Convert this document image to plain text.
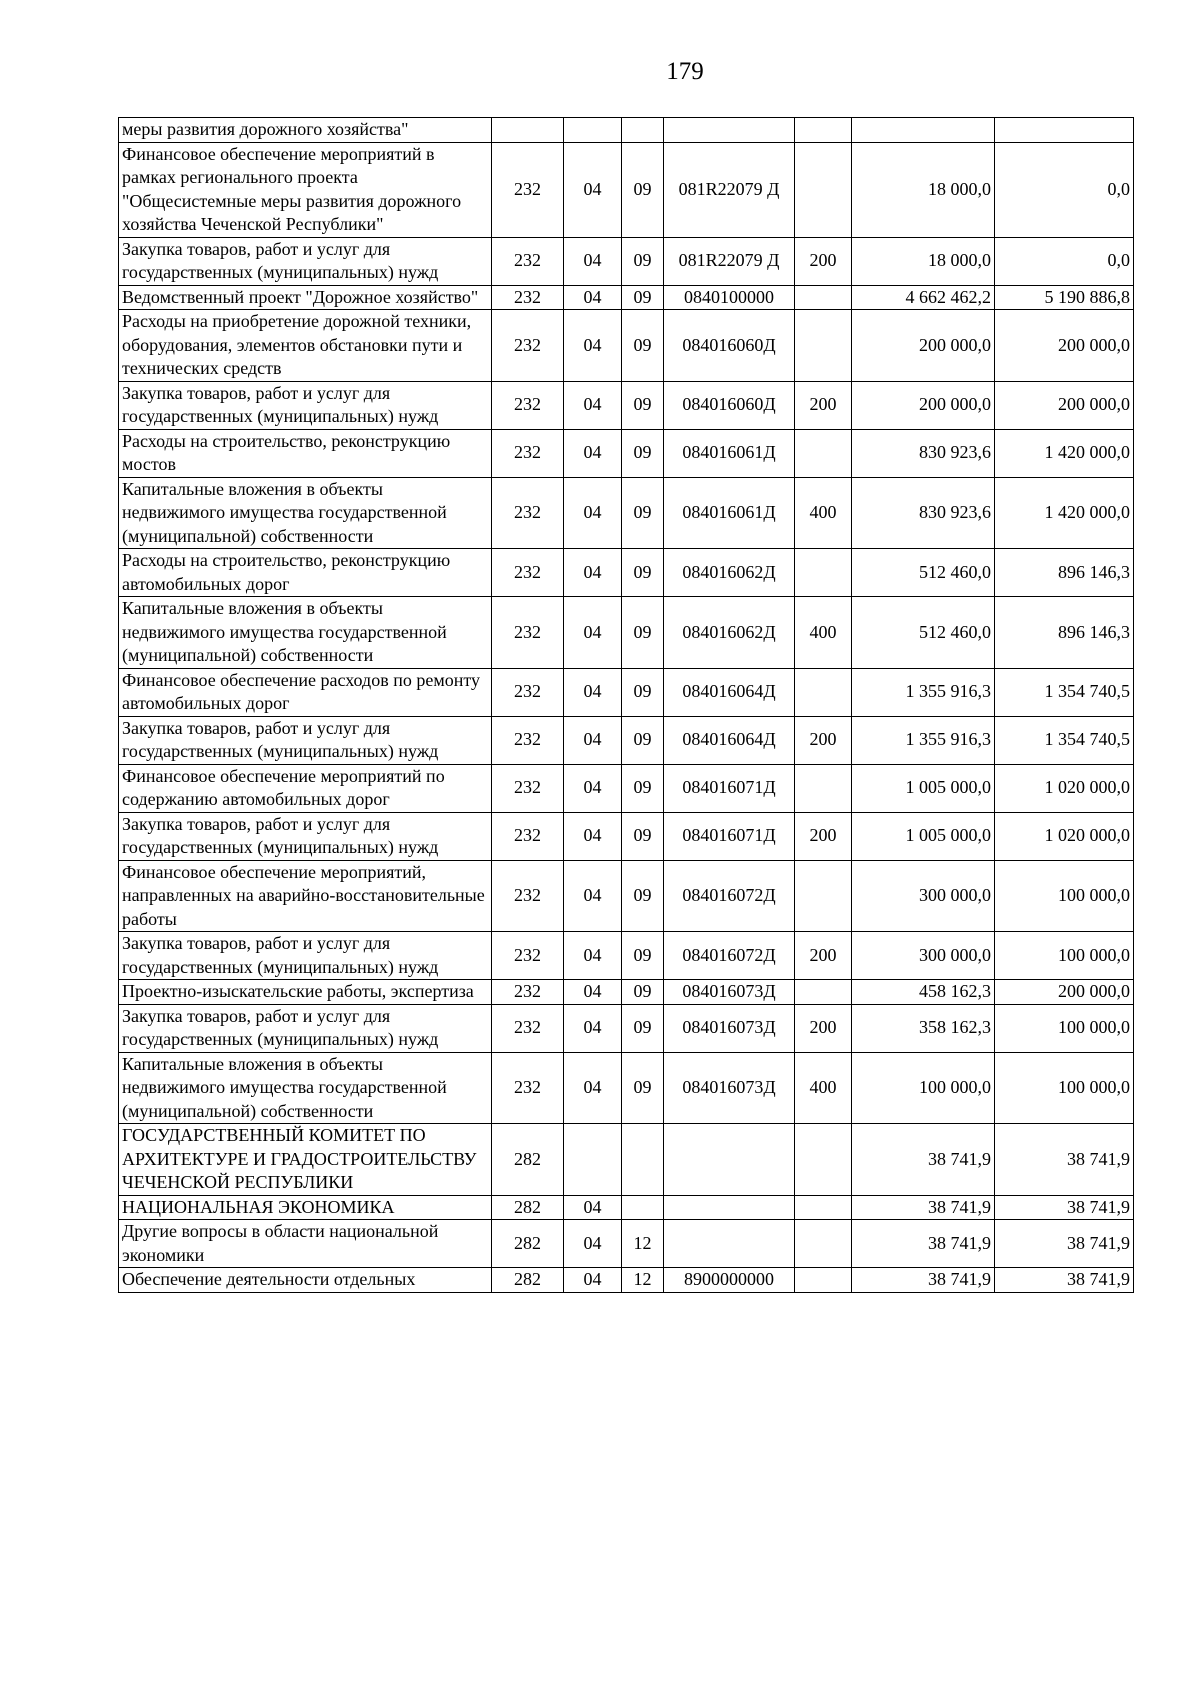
179
меры развития дорожного хозяйства"							
Финансовое обеспечение мероприятий в рамках регионального проекта "Общесистемные меры развития дорожного хозяйства Чеченской Республики"	232	04	09	081R22079 Д		18 000,0	0,0
Закупка товаров, работ и услуг для государственных (муниципальных) нужд	232	04	09	081R22079 Д	200	18 000,0	0,0
Ведомственный проект "Дорожное хозяйство"	232	04	09	0840100000		4 662 462,2	5 190 886,8
Расходы на приобретение дорожной техники, оборудования, элементов обстановки пути и технических средств	232	04	09	084016060Д		200 000,0	200 000,0
Закупка товаров, работ и услуг для государственных (муниципальных) нужд	232	04	09	084016060Д	200	200 000,0	200 000,0
Расходы на строительство, реконструкцию мостов	232	04	09	084016061Д		830 923,6	1 420 000,0
Капитальные вложения в объекты недвижимого имущества государственной (муниципальной) собственности	232	04	09	084016061Д	400	830 923,6	1 420 000,0
Расходы на строительство, реконструкцию автомобильных дорог	232	04	09	084016062Д		512 460,0	896 146,3
Капитальные вложения в объекты недвижимого имущества государственной (муниципальной) собственности	232	04	09	084016062Д	400	512 460,0	896 146,3
Финансовое обеспечение расходов по ремонту автомобильных дорог	232	04	09	084016064Д		1 355 916,3	1 354 740,5
Закупка товаров, работ и услуг для государственных (муниципальных) нужд	232	04	09	084016064Д	200	1 355 916,3	1 354 740,5
Финансовое обеспечение мероприятий по содержанию автомобильных дорог	232	04	09	084016071Д		1 005 000,0	1 020 000,0
Закупка товаров, работ и услуг для государственных (муниципальных) нужд	232	04	09	084016071Д	200	1 005 000,0	1 020 000,0
Финансовое обеспечение мероприятий, направленных на аварийно-восстановительные работы	232	04	09	084016072Д		300 000,0	100 000,0
Закупка товаров, работ и услуг для государственных (муниципальных) нужд	232	04	09	084016072Д	200	300 000,0	100 000,0
Проектно-изыскательские работы, экспертиза	232	04	09	084016073Д		458 162,3	200 000,0
Закупка товаров, работ и услуг для государственных (муниципальных) нужд	232	04	09	084016073Д	200	358 162,3	100 000,0
Капитальные вложения в объекты недвижимого имущества государственной (муниципальной) собственности	232	04	09	084016073Д	400	100 000,0	100 000,0
ГОСУДАРСТВЕННЫЙ КОМИТЕТ ПО АРХИТЕКТУРЕ И ГРАДОСТРОИТЕЛЬСТВУ ЧЕЧЕНСКОЙ РЕСПУБЛИКИ	282					38 741,9	38 741,9
НАЦИОНАЛЬНАЯ ЭКОНОМИКА	282	04				38 741,9	38 741,9
Другие вопросы в области национальной экономики	282	04	12			38 741,9	38 741,9
Обеспечение деятельности отдельных	282	04	12	8900000000		38 741,9	38 741,9
